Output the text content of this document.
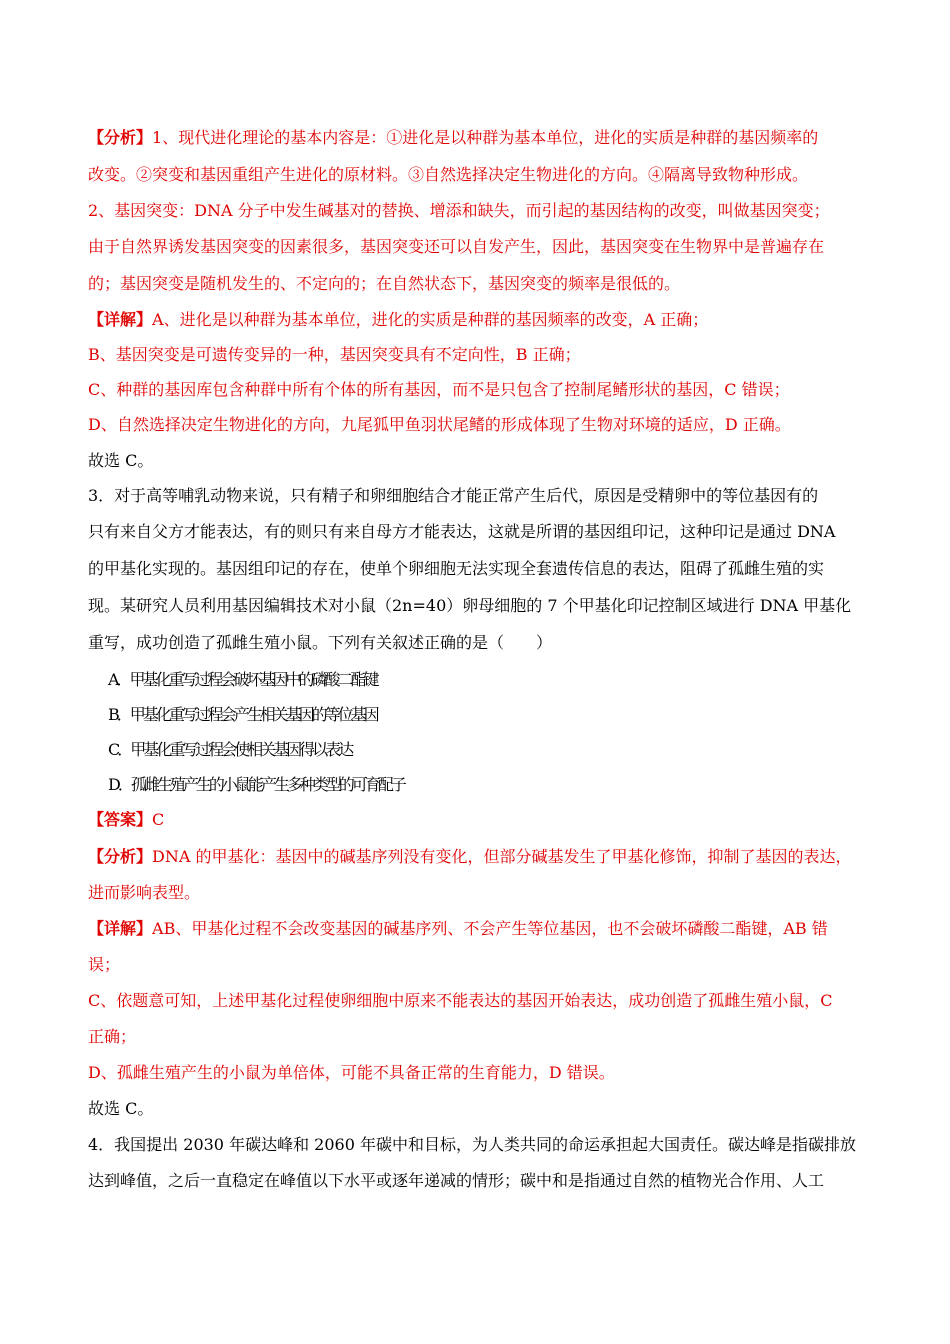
【分析】1、现代进化理论的基本内容是：①进化是以种群为基本单位，进化的实质是种群的基因频率的
改变。②突变和基因重组产生进化的原材料。③自然选择决定生物进化的方向。④隔离导致物种形成。
2、基因突变：DNA 分子中发生碱基对的替换、增添和缺失，而引起的基因结构的改变，叫做基因突变；
由于自然界诱发基因突变的因素很多，基因突变还可以自发产生，因此，基因突变在生物界中是普遍存在
的；基因突变是随机发生的、不定向的；在自然状态下，基因突变的频率是很低的。
【详解】A、进化是以种群为基本单位，进化的实质是种群的基因频率的改变，A 正确；
B、基因突变是可遗传变异的一种，基因突变具有不定向性，B 正确；
C、种群的基因库包含种群中所有个体的所有基因，而不是只包含了控制尾鳍形状的基因，C 错误；
D、自然选择决定生物进化的方向，九尾狐甲鱼羽状尾鳍的形成体现了生物对环境的适应，D 正确。
故选 C。
3．对于高等哺乳动物来说，只有精子和卵细胞结合才能正常产生后代，原因是受精卵中的等位基因有的
只有来自父方才能表达，有的则只有来自母方才能表达，这就是所谓的基因组印记，这种印记是通过 DNA
的甲基化实现的。基因组印记的存在，使单个卵细胞无法实现全套遗传信息的表达，阻碍了孤雌生殖的实
现。某研究人员利用基因编辑技术对小鼠（2n=40）卵母细胞的 7 个甲基化印记控制区域进行 DNA 甲基化
重写，成功创造了孤雌生殖小鼠。下列有关叙述正确的是（　　）
A．甲基化重写过程会破坏基因中的磷酸二酯键
B．甲基化重写过程会产生相关基因的等位基因
C．甲基化重写过程会使相关基因得以表达
D．孤雌生殖产生的小鼠能产生多种类型的可育配子
【答案】C
【分析】DNA 的甲基化：基因中的碱基序列没有变化，但部分碱基发生了甲基化修饰，抑制了基因的表达，
进而影响表型。
【详解】AB、甲基化过程不会改变基因的碱基序列、不会产生等位基因，也不会破坏磷酸二酯键，AB 错
误；
C、依题意可知，上述甲基化过程使卵细胞中原来不能表达的基因开始表达，成功创造了孤雌生殖小鼠，C
正确；
D、孤雌生殖产生的小鼠为单倍体，可能不具备正常的生育能力，D 错误。
故选 C。
4．我国提出 2030 年碳达峰和 2060 年碳中和目标，为人类共同的命运承担起大国责任。碳达峰是指碳排放
达到峰值，之后一直稳定在峰值以下水平或逐年递减的情形；碳中和是指通过自然的植物光合作用、人工
